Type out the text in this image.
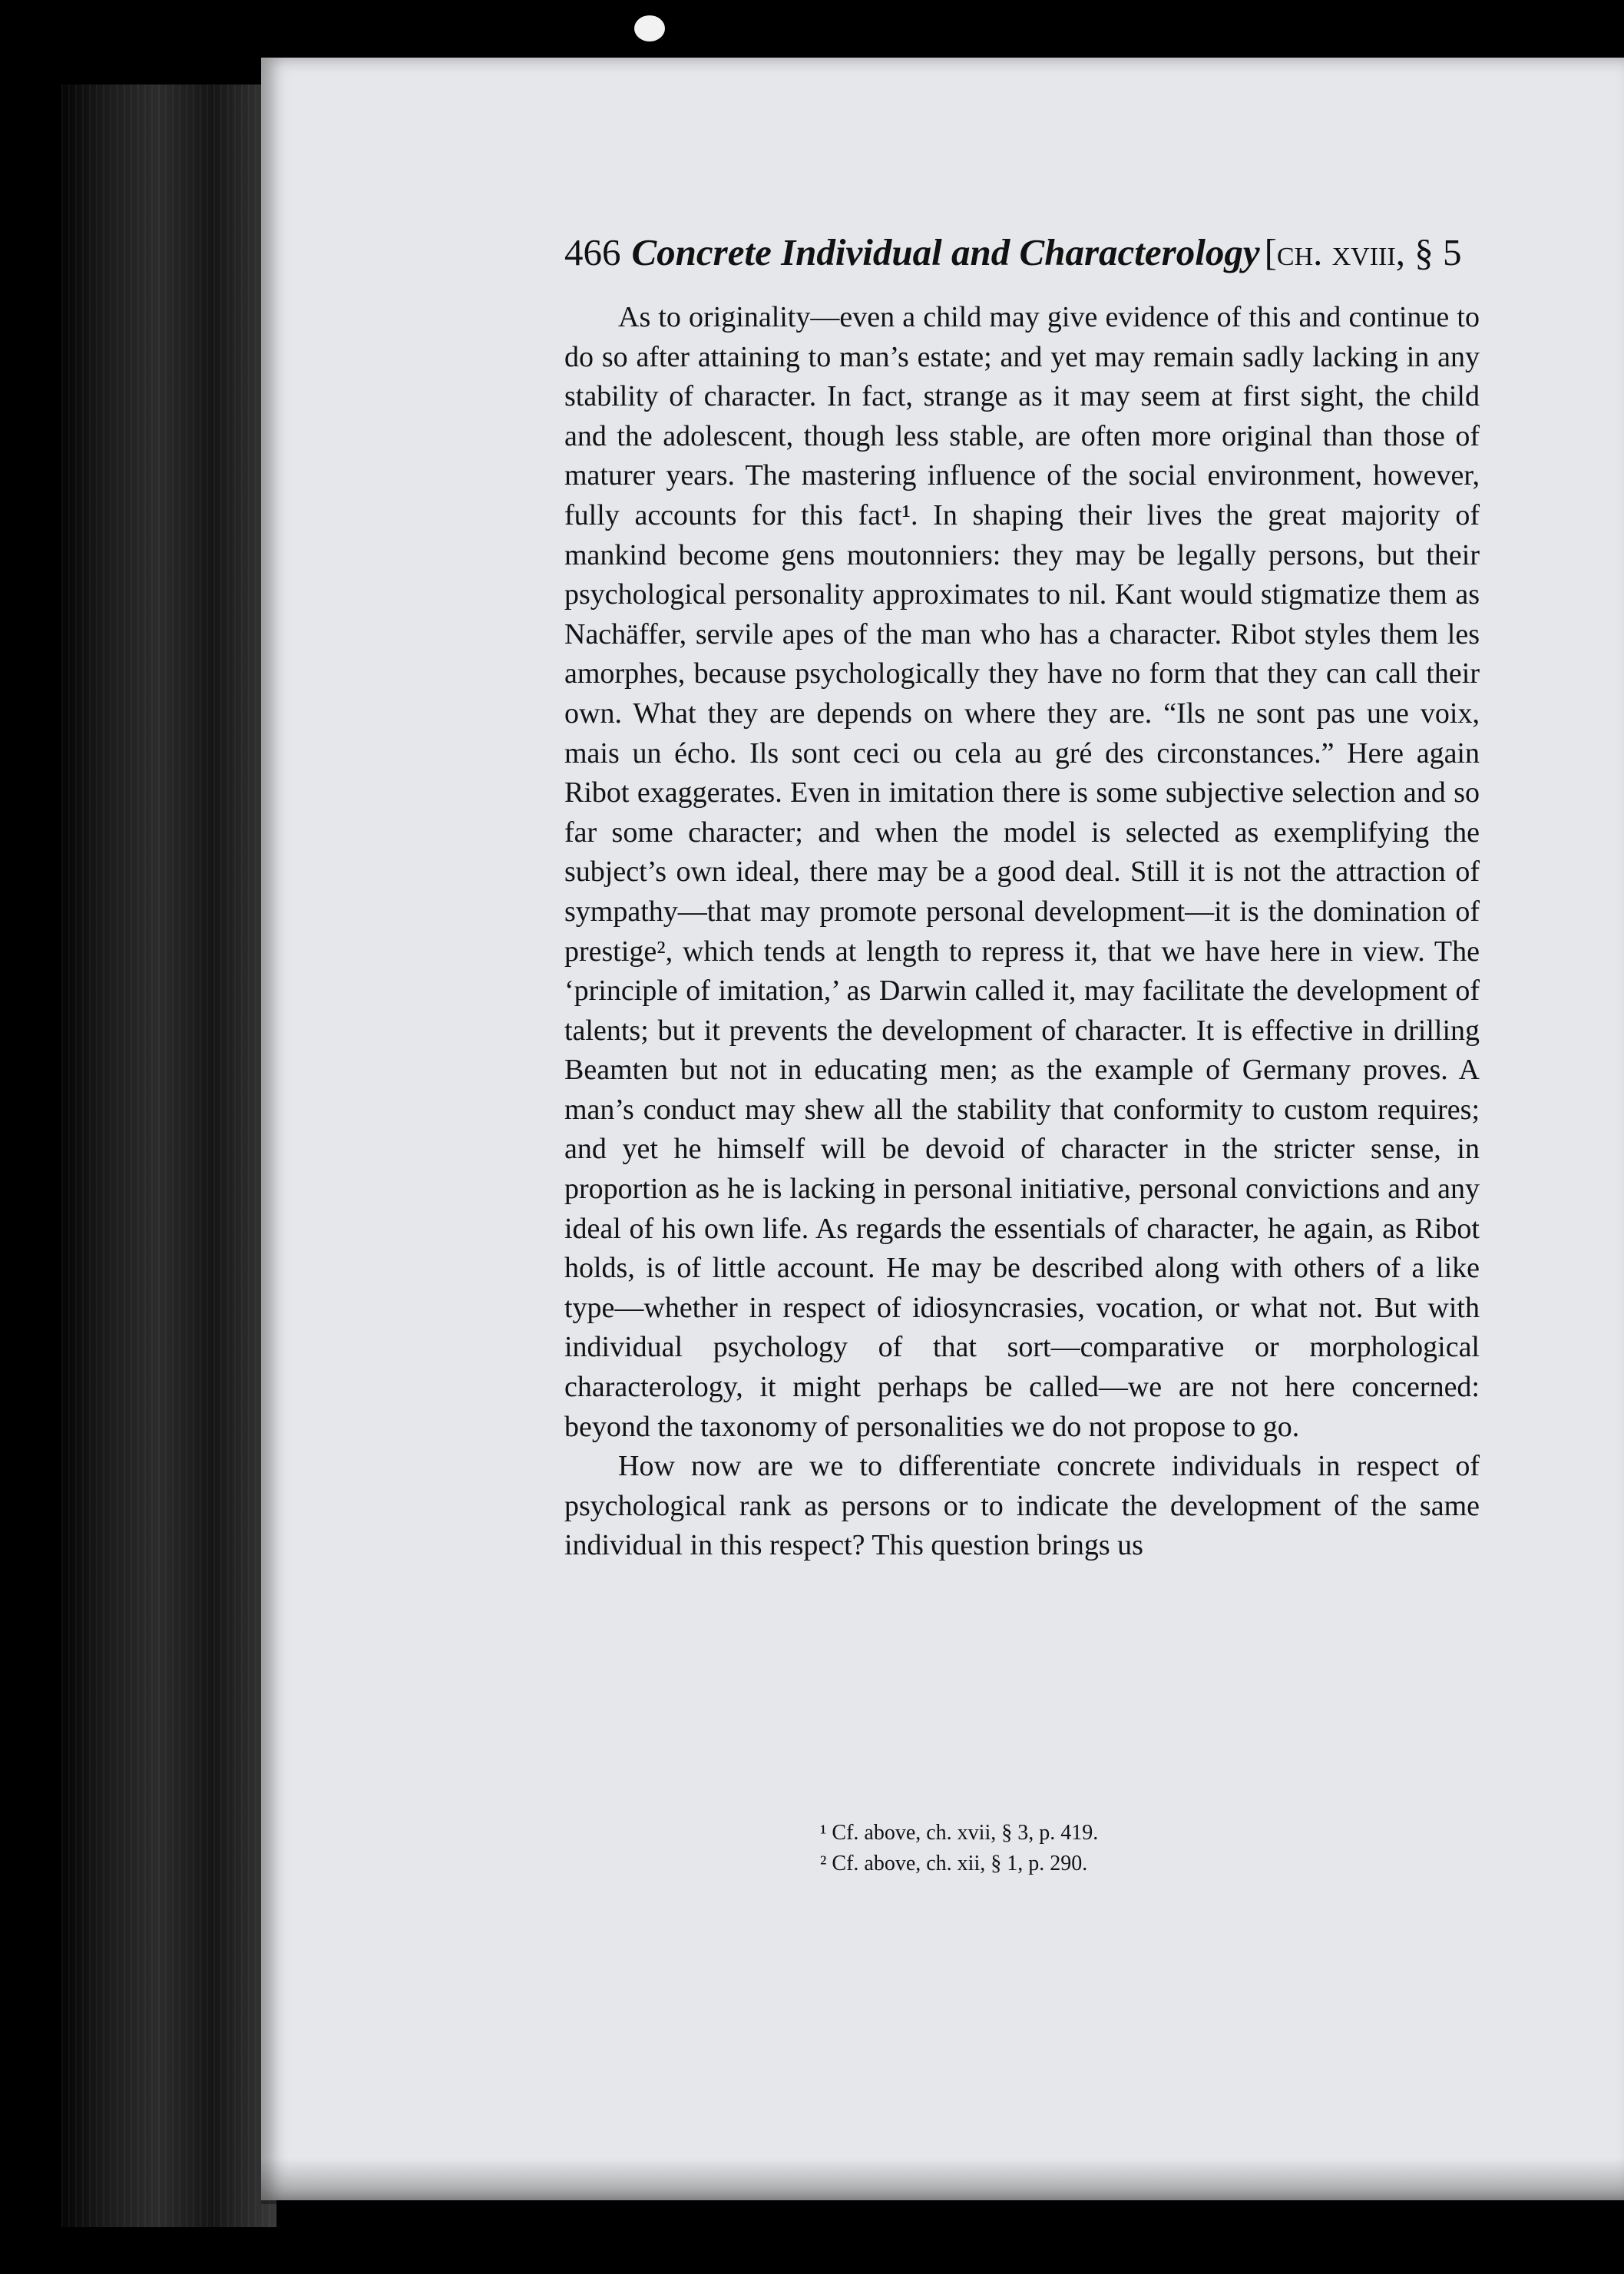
466 Concrete Individual and Characterology [ch. xviii, § 5

As to originality—even a child may give evidence of this and continue to do so after attaining to man’s estate; and yet may remain sadly lacking in any stability of character. In fact, strange as it may seem at first sight, the child and the adolescent, though less stable, are often more original than those of maturer years. The mastering influence of the social environment, however, fully accounts for this fact¹. In shaping their lives the great majority of mankind become gens moutonniers: they may be legally persons, but their psychological personality approximates to nil. Kant would stigmatize them as Nachäffer, servile apes of the man who has a character. Ribot styles them les amorphes, because psychologically they have no form that they can call their own. What they are depends on where they are. “Ils ne sont pas une voix, mais un écho. Ils sont ceci ou cela au gré des circonstances.” Here again Ribot exaggerates. Even in imitation there is some subjective selection and so far some character; and when the model is selected as exemplifying the subject’s own ideal, there may be a good deal. Still it is not the attraction of sympathy—that may promote personal development—it is the domination of prestige², which tends at length to repress it, that we have here in view. The ‘principle of imitation,’ as Darwin called it, may facilitate the development of talents; but it prevents the development of character. It is effective in drilling Beamten but not in educating men; as the example of Germany proves. A man’s conduct may shew all the stability that conformity to custom requires; and yet he himself will be devoid of character in the stricter sense, in proportion as he is lacking in personal initiative, personal convictions and any ideal of his own life. As regards the essentials of character, he again, as Ribot holds, is of little account. He may be described along with others of a like type—whether in respect of idiosyncrasies, vocation, or what not. But with individual psychology of that sort—comparative or morphological characterology, it might perhaps be called—we are not here concerned: beyond the taxonomy of personalities we do not propose to go.

How now are we to differentiate concrete individuals in respect of psychological rank as persons or to indicate the development of the same individual in this respect? This question brings us

¹ Cf. above, ch. xvii, § 3, p. 419.
² Cf. above, ch. xii, § 1, p. 290.
